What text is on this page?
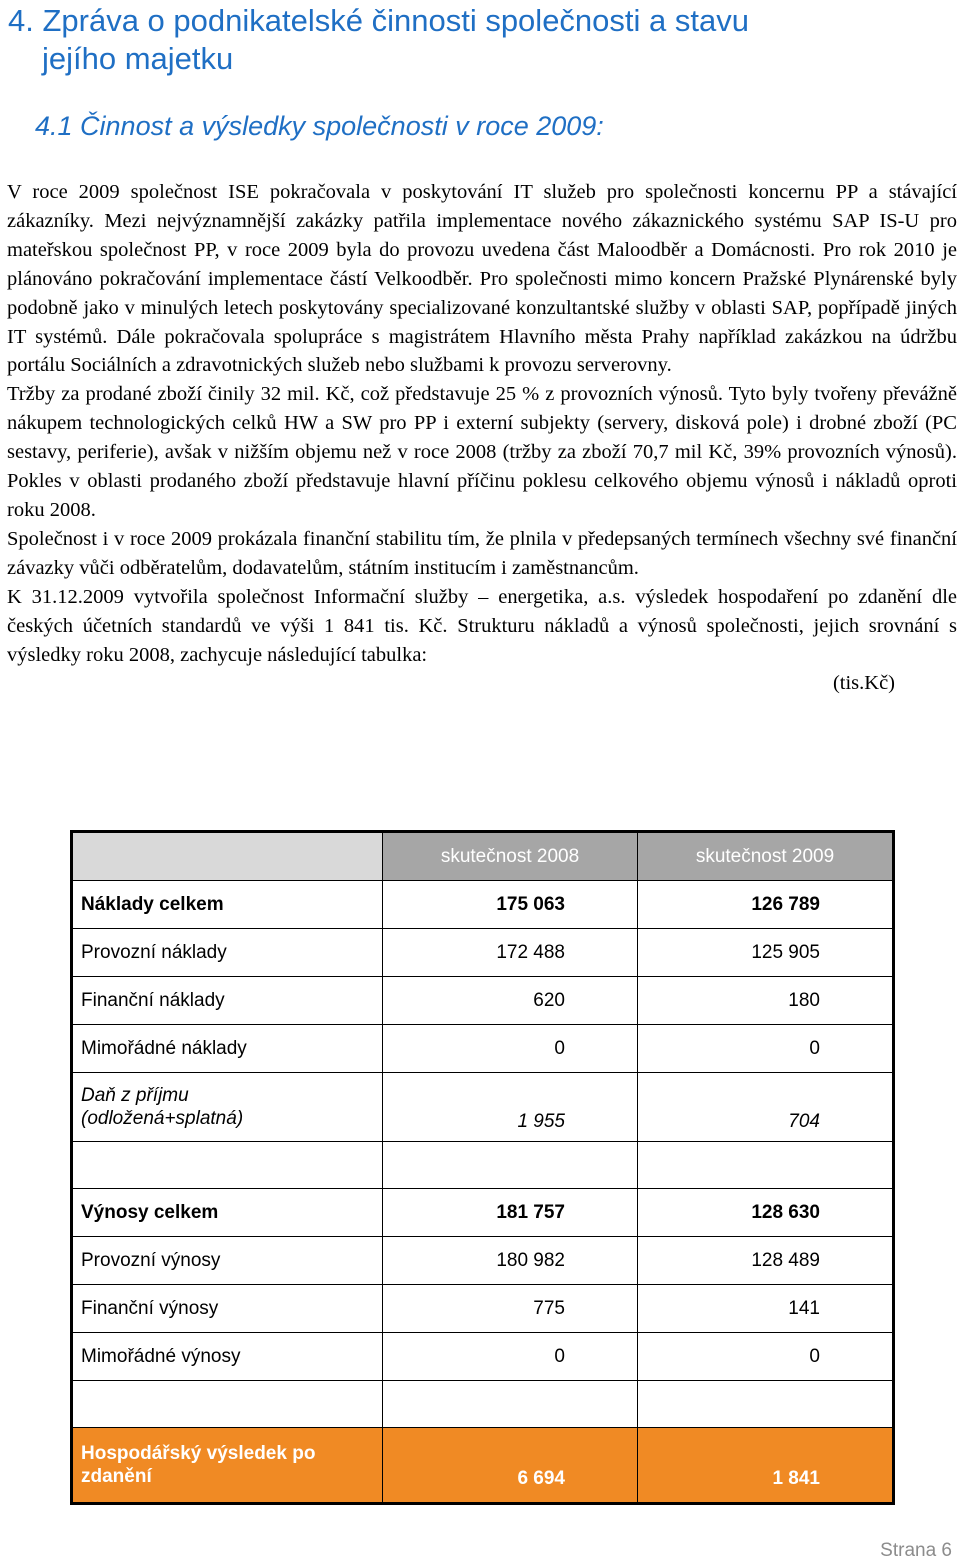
4. Zpráva o podnikatelské činnosti společnosti a stavu
jejího majetku
4.1 Činnost a výsledky společnosti v roce 2009:

V roce 2009 společnost ISE pokračovala v poskytování IT služeb pro společnosti koncernu PP a stávající zákazníky. Mezi nejvýznamnější zakázky patřila implementace nového zákaznického systému SAP IS-U pro mateřskou společnost PP, v roce 2009 byla do provozu uvedena část Maloodběr a Domácnosti. Pro rok 2010 je plánováno pokračování implementace částí Velkoodběr. Pro společnosti mimo koncern Pražské Plynárenské byly podobně jako v minulých letech poskytovány specializované konzultantské služby v oblasti SAP, popřípadě jiných IT systémů. Dále pokračovala spolupráce s magistrátem Hlavního města Prahy například zakázkou na údržbu portálu Sociálních a zdravotnických služeb nebo službami k provozu serverovny.

Tržby za prodané zboží činily 32 mil. Kč, což představuje 25 % z provozních výnosů. Tyto byly tvořeny převážně nákupem technologických celků HW a SW pro PP i externí subjekty (servery, disková pole) i drobné zboží (PC sestavy, periferie), avšak v nižším objemu než v roce 2008 (tržby za zboží 70,7 mil Kč, 39% provozních výnosů). Pokles v oblasti prodaného zboží představuje hlavní příčinu poklesu celkového objemu výnosů i nákladů oproti roku 2008.

Společnost i v roce 2009 prokázala finanční stabilitu tím, že plnila v předepsaných termínech všechny své finanční závazky vůči odběratelům, dodavatelům, státním institucím i zaměstnancům.

K 31.12.2009 vytvořila společnost Informační služby – energetika, a.s. výsledek hospodaření po zdanění dle českých účetních standardů ve výši 1 841 tis. Kč. Strukturu nákladů a výnosů společnosti, jejich srovnání s výsledky roku 2008, zachycuje následující tabulka:

(tis.Kč)

	skutečnost 2008	skutečnost 2009
Náklady celkem	175 063	126 789
Provozní náklady	172 488	125 905
Finanční náklady	620	180
Mimořádné náklady	0	0
Daň z příjmu
(odložená+splatná)	1 955	704

Výnosy celkem	181 757	128 630
Provozní výnosy	180 982	128 489
Finanční výnosy	775	141
Mimořádné výnosy	0	0

Hospodářský výsledek po
zdanění	6 694	1 841
Strana 6
